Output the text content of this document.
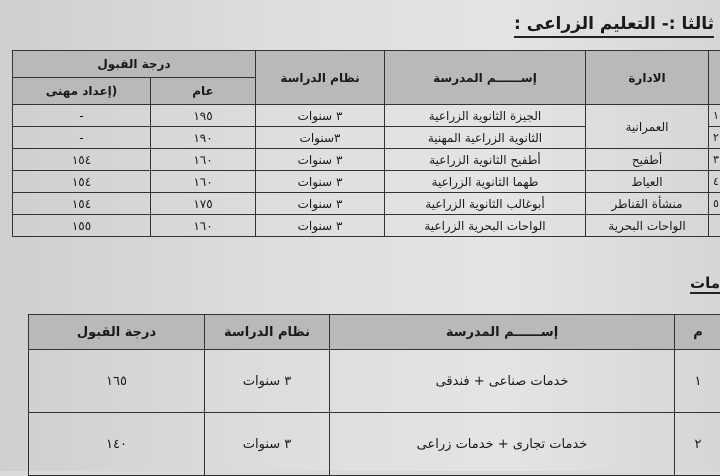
ثالثا :- التعليم الزراعى :
	الادارة	إســــــم المدرسة	نظام الدراسة	درجة القبول	
				عام	(إعداد مهنى
١	العمرانية	الجيزة الثانوية الزراعية	٣ سنوات	١٩٥	-
٢		الثانوية الزراعية المهنية	٣سنوات	١٩٠	-
٣	أطفيح	أطفيح الثانوية الزراعية	٣ سنوات	١٦٠	١٥٤
٤	العياط	طهما الثانوية الزراعية	٣ سنوات	١٦٠	١٥٤
٥	منشأة القناطر	أبوغالب الثانوية الزراعية	٣ سنوات	١٧٥	١٥٤
	الواحات البحرية	الواحات البحرية الزراعية	٣ سنوات	١٦٠	١٥٥
مات
م	إســــــم المدرسة	نظام الدراسة	درجة القبول
١	خدمات صناعى + فندقى	٣ سنوات	١٦٥
٢	خدمات تجارى + خدمات زراعى	٣ سنوات	١٤٠
